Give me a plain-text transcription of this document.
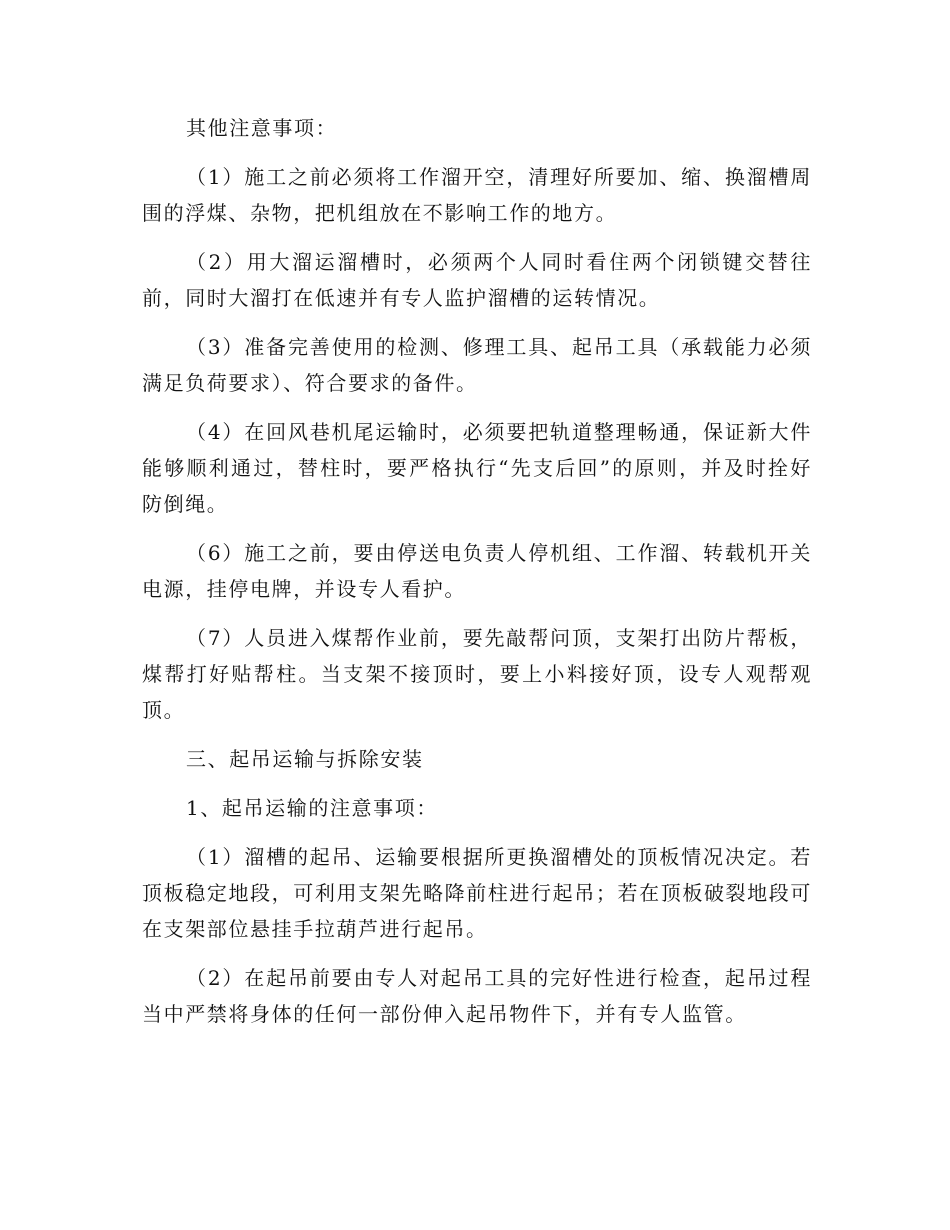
其他注意事项：

（1）施工之前必须将工作溜开空，清理好所要加、缩、换溜槽周围的浮煤、杂物，把机组放在不影响工作的地方。

（2）用大溜运溜槽时，必须两个人同时看住两个闭锁键交替往前，同时大溜打在低速并有专人监护溜槽的运转情况。

（3）准备完善使用的检测、修理工具、起吊工具（承载能力必须满足负荷要求）、符合要求的备件。

（4）在回风巷机尾运输时，必须要把轨道整理畅通，保证新大件能够顺利通过，替柱时，要严格执行“先支后回”的原则，并及时拴好防倒绳。

（6）施工之前，要由停送电负责人停机组、工作溜、转载机开关电源，挂停电牌，并设专人看护。

（7）人员进入煤帮作业前，要先敲帮问顶，支架打出防片帮板，煤帮打好贴帮柱。当支架不接顶时，要上小料接好顶，设专人观帮观顶。

三、起吊运输与拆除安装

1、起吊运输的注意事项：

（1）溜槽的起吊、运输要根据所更换溜槽处的顶板情况决定。若顶板稳定地段，可利用支架先略降前柱进行起吊；若在顶板破裂地段可在支架部位悬挂手拉葫芦进行起吊。

（2）在起吊前要由专人对起吊工具的完好性进行检查，起吊过程当中严禁将身体的任何一部份伸入起吊物件下，并有专人监管。
